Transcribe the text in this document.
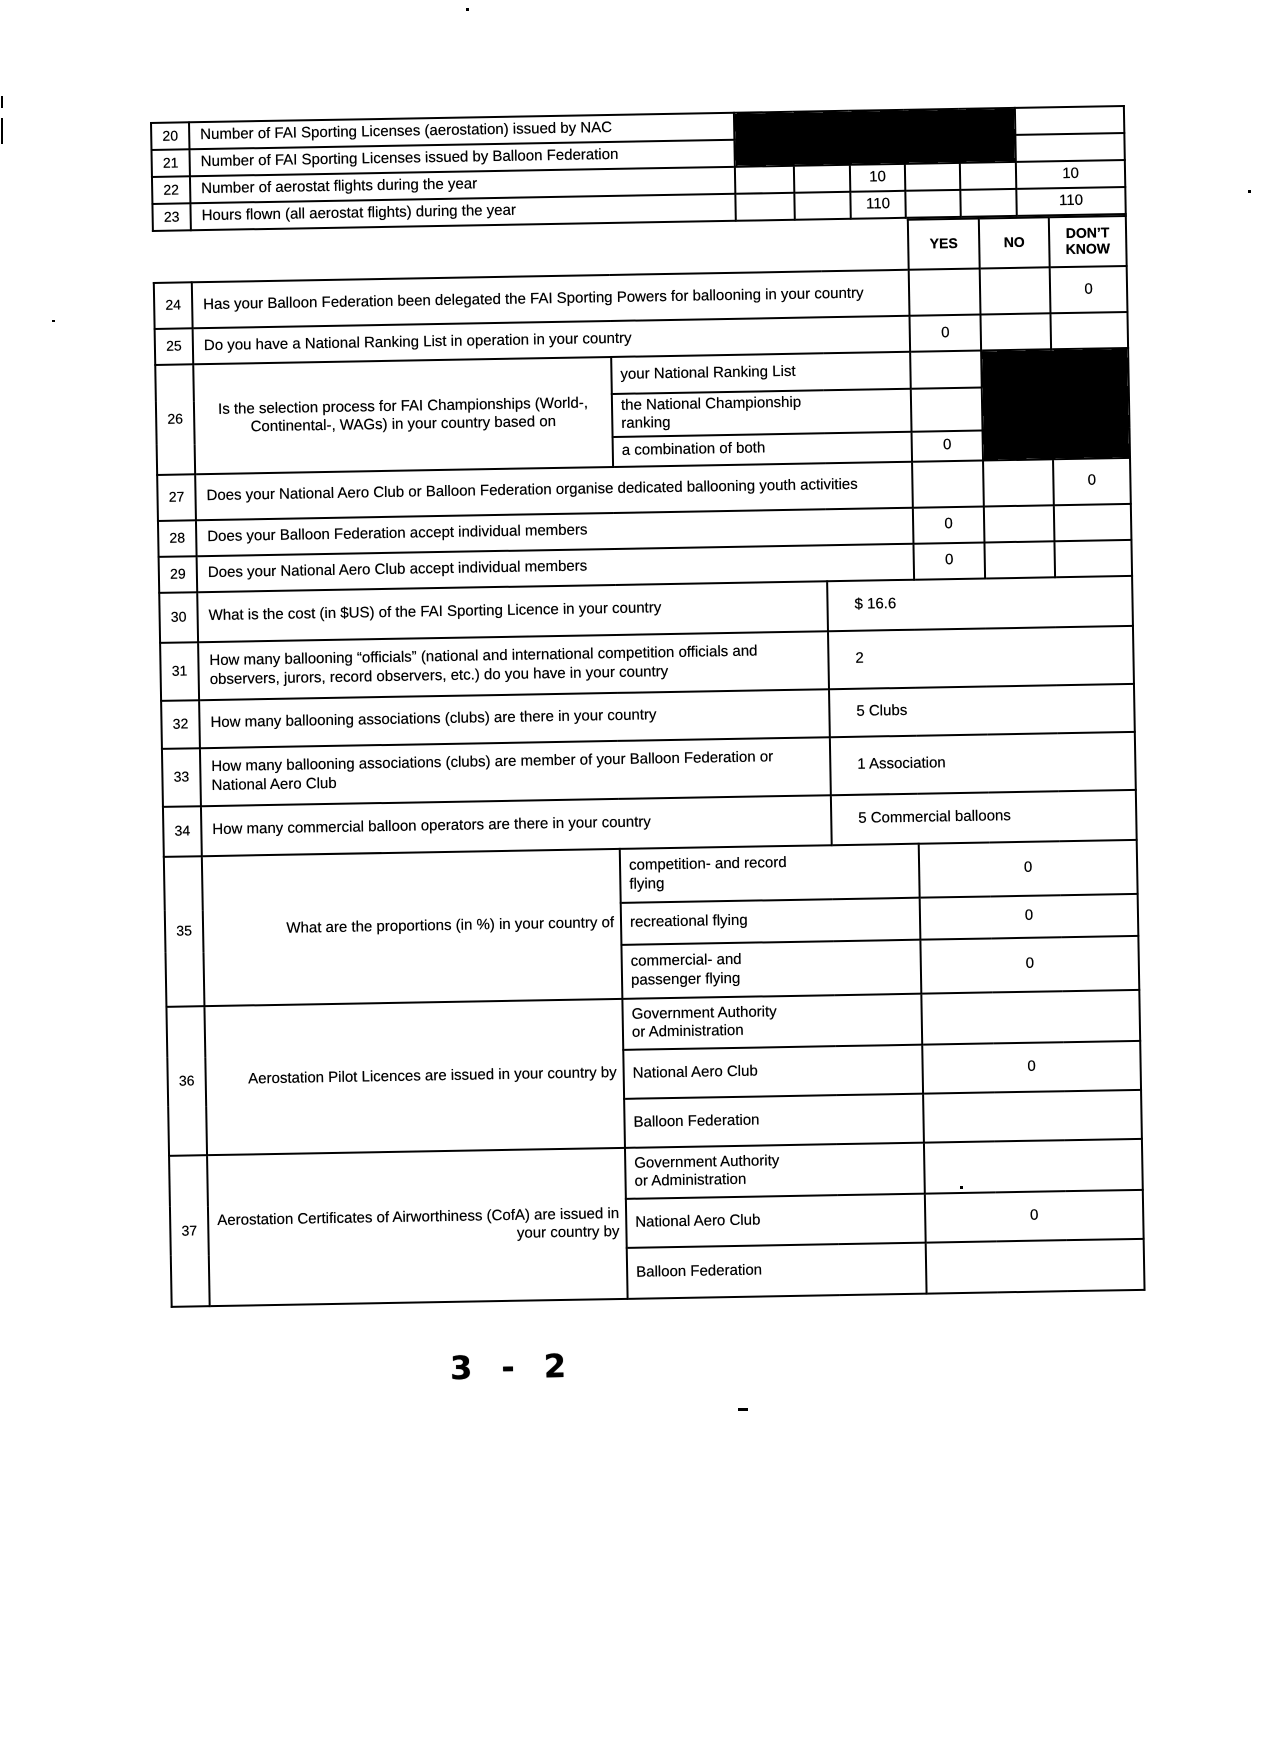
20	Number of FAI Sporting Licenses (aerostation) issued by NAC						
21	Number of FAI Sporting Licenses issued by Balloon Federation						
22	Number of aerostat flights during the year			10			10
23	Hours flown (all aerostat flights) during the year			110			110
				YES	NO	DON’T KNOW
24	Has your Balloon Federation been delegated the FAI Sporting Powers for ballooning in your country					0
25	Do you have a National Ranking List in operation in your country			0		
26	Is the selection process for FAI Championships (World-, Continental-, WAGs) in your country based on	your National Ranking List				
		the National Championship ranking				
		a combination of both		0		
27	Does your National Aero Club or Balloon Federation organise dedicated ballooning youth activities					0
28	Does your Balloon Federation accept individual members			0		
29	Does your National Aero Club accept individual members			0		
30	What is the cost (in $US) of the FAI Sporting Licence in your country		$ 16.6			
31	How many ballooning “officials” (national and international competition officials and observers, jurors, record observers, etc.) do you have in your country		2			
32	How many ballooning associations (clubs) are there in your country		5 Clubs			
33	How many ballooning associations (clubs) are member of your Balloon Federation or National Aero Club		1 Association			
34	How many commercial balloon operators are there in your country		5 Commercial balloons			
35	What are the proportions (in %) in your country of	competition- and record flying		0		
		recreational flying		0		
		commercial- and passenger flying		0		
36	Aerostation Pilot Licences are issued in your country by	Government Authority or Administration				
		National Aero Club		0		
		Balloon Federation				
37	Aerostation Certificates of Airworthiness (CofA) are issued in your country by	Government Authority or Administration				
		National Aero Club		0		
		Balloon Federation				
3 - 2
